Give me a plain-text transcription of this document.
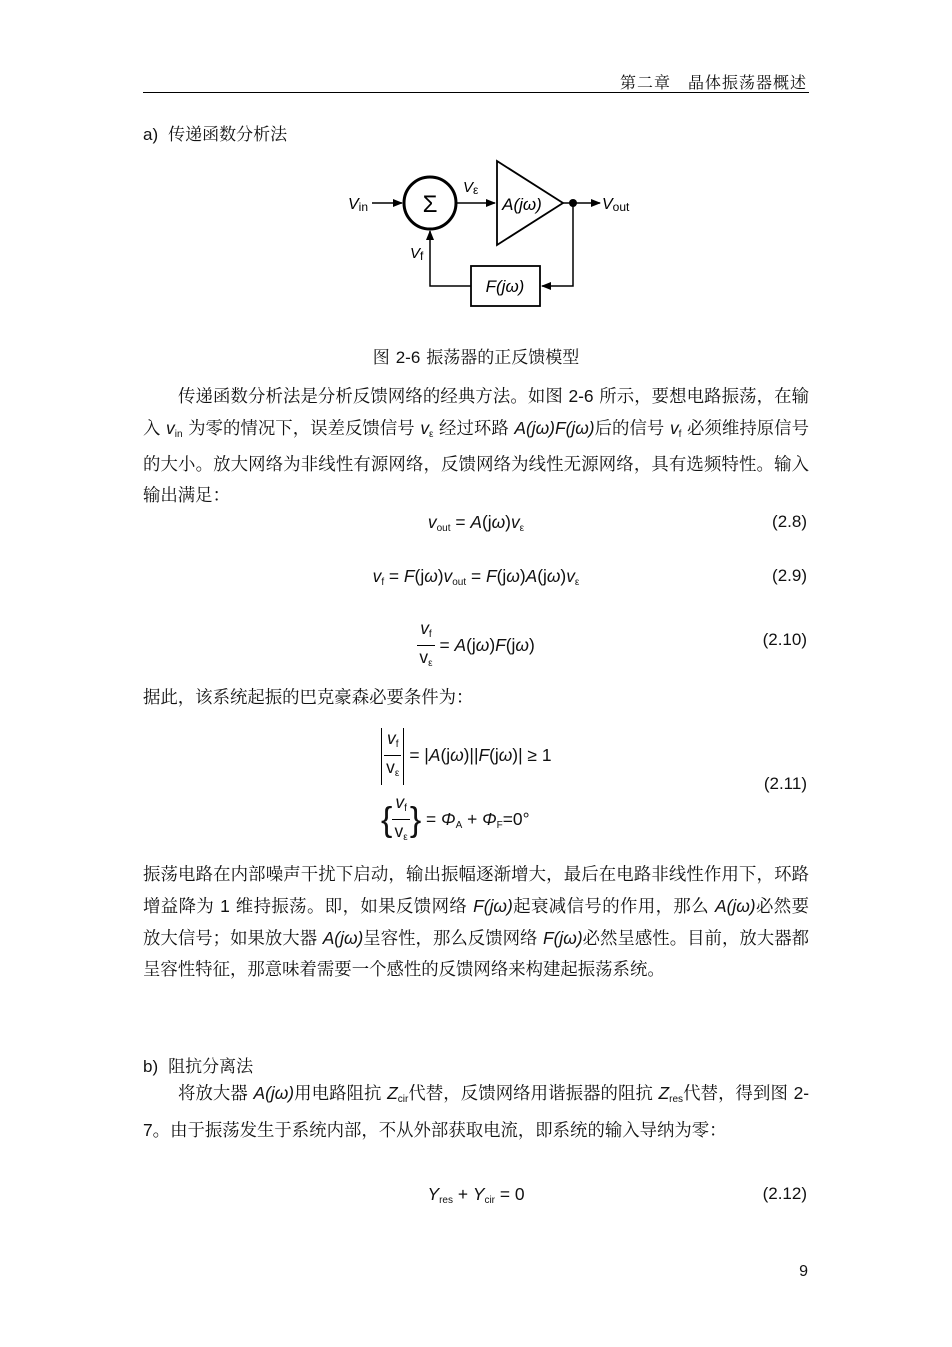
第二章　晶体振荡器概述
a) 传递函数分析法
Vin Σ
Vε
A(jω)	Vout
F(jω)
Vf
图 2-6 振荡器的正反馈模型
传递函数分析法是分析反馈网络的经典方法。如图 2-6 所示，要想电路振荡，在输入 $v_{in}$ 为零的情况下，误差反馈信号 $v_\varepsilon$ 经过环路 A(jω)F(jω)后的信号 $v_f$ 必须维持原信号的大小。放大网络为非线性有源网络，反馈网络为线性无源网络，具有选频特性。输入输出满足：
$v_{out} = A(j\omega)v_\varepsilon$	(2.8)
$v_f = F(j\omega)v_{out} = F(j\omega)A(j\omega)v_\varepsilon$	(2.9)
$\frac{v_f}{v_\varepsilon} = A(j\omega)F(j\omega)$	(2.10)
据此，该系统起振的巴克豪森必要条件为：
$\frac{v_f}{v_\varepsilon} = |A(j\omega)||F(j\omega)| \ge 1$
{ $\frac{v_f}{v_\varepsilon}$ } = $\Phi_A + \Phi_F=0^\circ$
(2.11)
振荡电路在内部噪声干扰下启动，输出振幅逐渐增大，最后在电路非线性作用下，环路增益降为 1 维持振荡。即，如果反馈网络 F(jω)起衰减信号的作用，那么 A(jω)必然要放大信号；如果放大器 A(jω)呈容性，那么反馈网络 F(jω)必然呈感性。目前，放大器都呈容性特征，那意味着需要一个感性的反馈网络来构建起振荡系统。
b) 阻抗分离法
将放大器 A(jω)用电路阻抗 $Z_{cir}$代替，反馈网络用谐振器的阻抗 $Z_{res}$代替，得到图 2-7。由于振荡发生于系统内部，不从外部获取电流，即系统的输入导纳为零：
$Y_{res} + Y_{cir} = 0$	(2.12)
9
